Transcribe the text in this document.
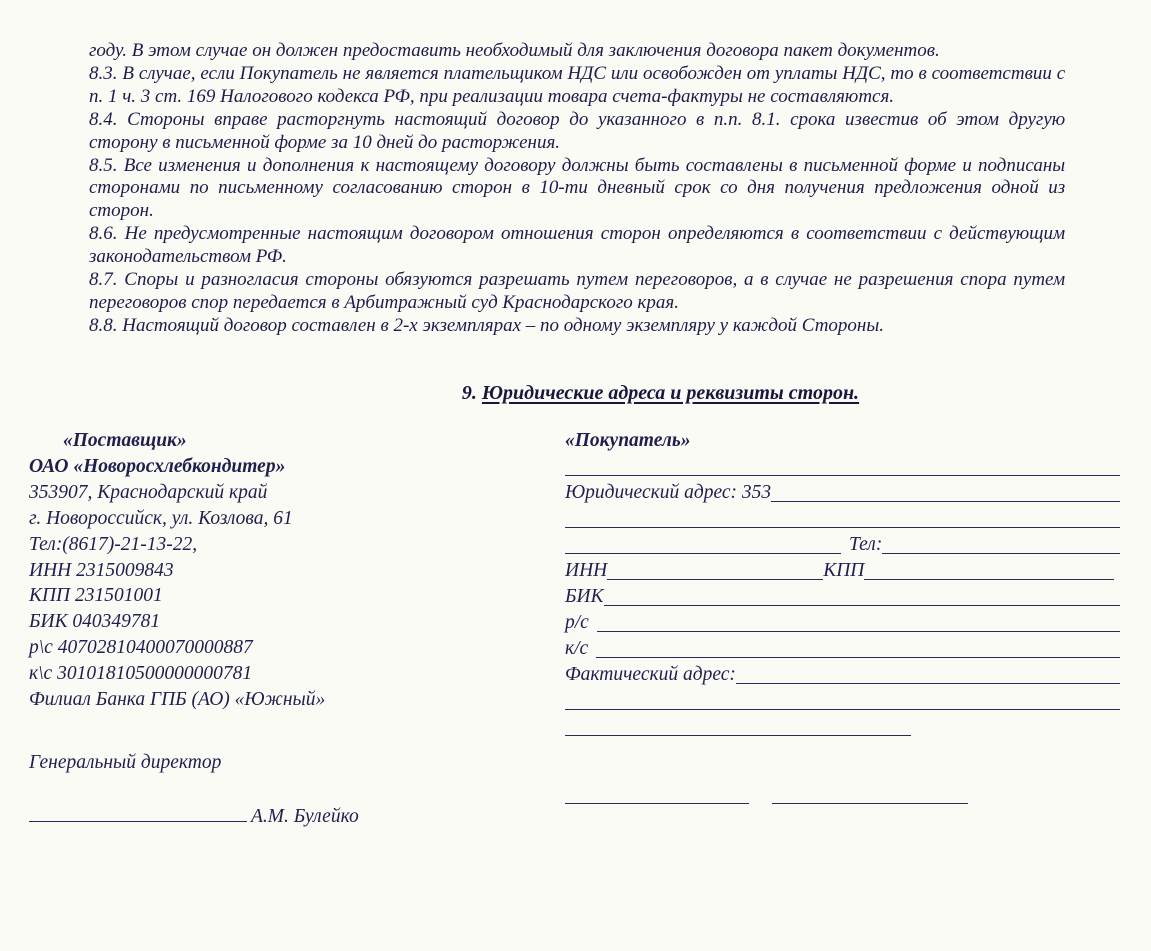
году. В этом случае он должен предоставить необходимый для заключения договора пакет документов.

8.3. В случае, если Покупатель не является плательщиком НДС или освобожден от уплаты НДС, то в соответствии с п. 1 ч. 3 ст. 169 Налогового кодекса РФ, при реализации товара счета-фактуры не составляются.

8.4. Стороны вправе расторгнуть настоящий договор до указанного в п.п. 8.1. срока известив об этом другую сторону в письменной форме за 10 дней до расторжения.

8.5. Все изменения и дополнения к настоящему договору должны быть составлены в письменной форме и подписаны сторонами по письменному согласованию сторон в 10-ти дневный срок со дня получения предложения одной из сторон.

8.6. Не предусмотренные настоящим договором отношения сторон определяются в соответствии с действующим законодательством РФ.

8.7. Споры и разногласия стороны обязуются разрешать путем переговоров, а в случае не разрешения спора путем переговоров спор передается в Арбитражный суд Краснодарского края.

8.8. Настоящий договор составлен в 2-х экземплярах – по одному экземпляру у каждой Стороны.

9. Юридические адреса и реквизиты сторон.
«Поставщик»
ОАО «Новоросхлебкондитер»
353907, Краснодарский край
г. Новороссийск, ул. Козлова, 61
Тел:(8617)-21-13-22,
ИНН 2315009843
КПП 231501001
БИК 040349781
р\с 40702810400070000887
к\с 30101810500000000781
Филиал Банка ГПБ (АО) «Южный»
Генеральный директор
А.М. Булейко
«Покупатель»
Юридический адрес: 353
Тел:
ИНН	КПП
БИК
р/с
к/с
Фактический адрес:
